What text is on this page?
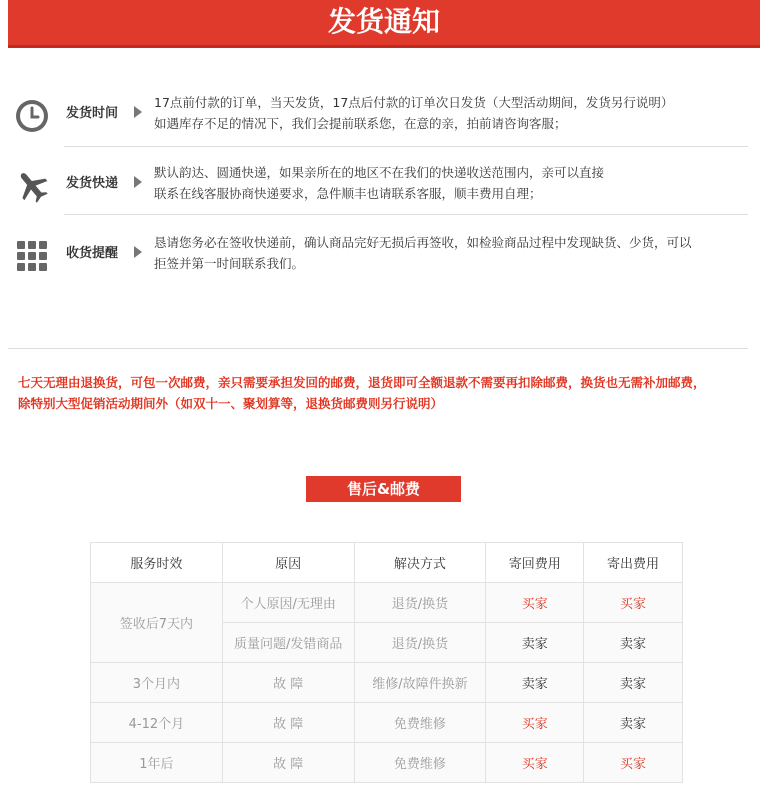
发货通知
发货时间
17点前付款的订单，当天发货，17点后付款的订单次日发货（大型活动期间，发货另行说明）
如遇库存不足的情况下，我们会提前联系您，在意的亲，拍前请咨询客服；
发货快递
默认韵达、圆通快递，如果亲所在的地区不在我们的快递收送范围内，亲可以直接
联系在线客服协商快递要求，急件顺丰也请联系客服，顺丰费用自理；
收货提醒
恳请您务必在签收快递前，确认商品完好无损后再签收，如检验商品过程中发现缺货、少货，可以
拒签并第一时间联系我们。
七天无理由退换货，可包一次邮费，亲只需要承担发回的邮费，退货即可全额退款不需要再扣除邮费，换货也无需补加邮费，
除特别大型促销活动期间外（如双十一、聚划算等，退换货邮费则另行说明）
售后&邮费
服务时效	原因	解决方式	寄回费用	寄出费用
签收后7天内	个人原因/无理由	退货/换货	买家	买家
	质量问题/发错商品	退货/换货	卖家	卖家
3个月内	故 障	维修/故障件换新	卖家	卖家
4-12个月	故 障	免费维修	买家	卖家
1年后	故 障	免费维修	买家	买家
